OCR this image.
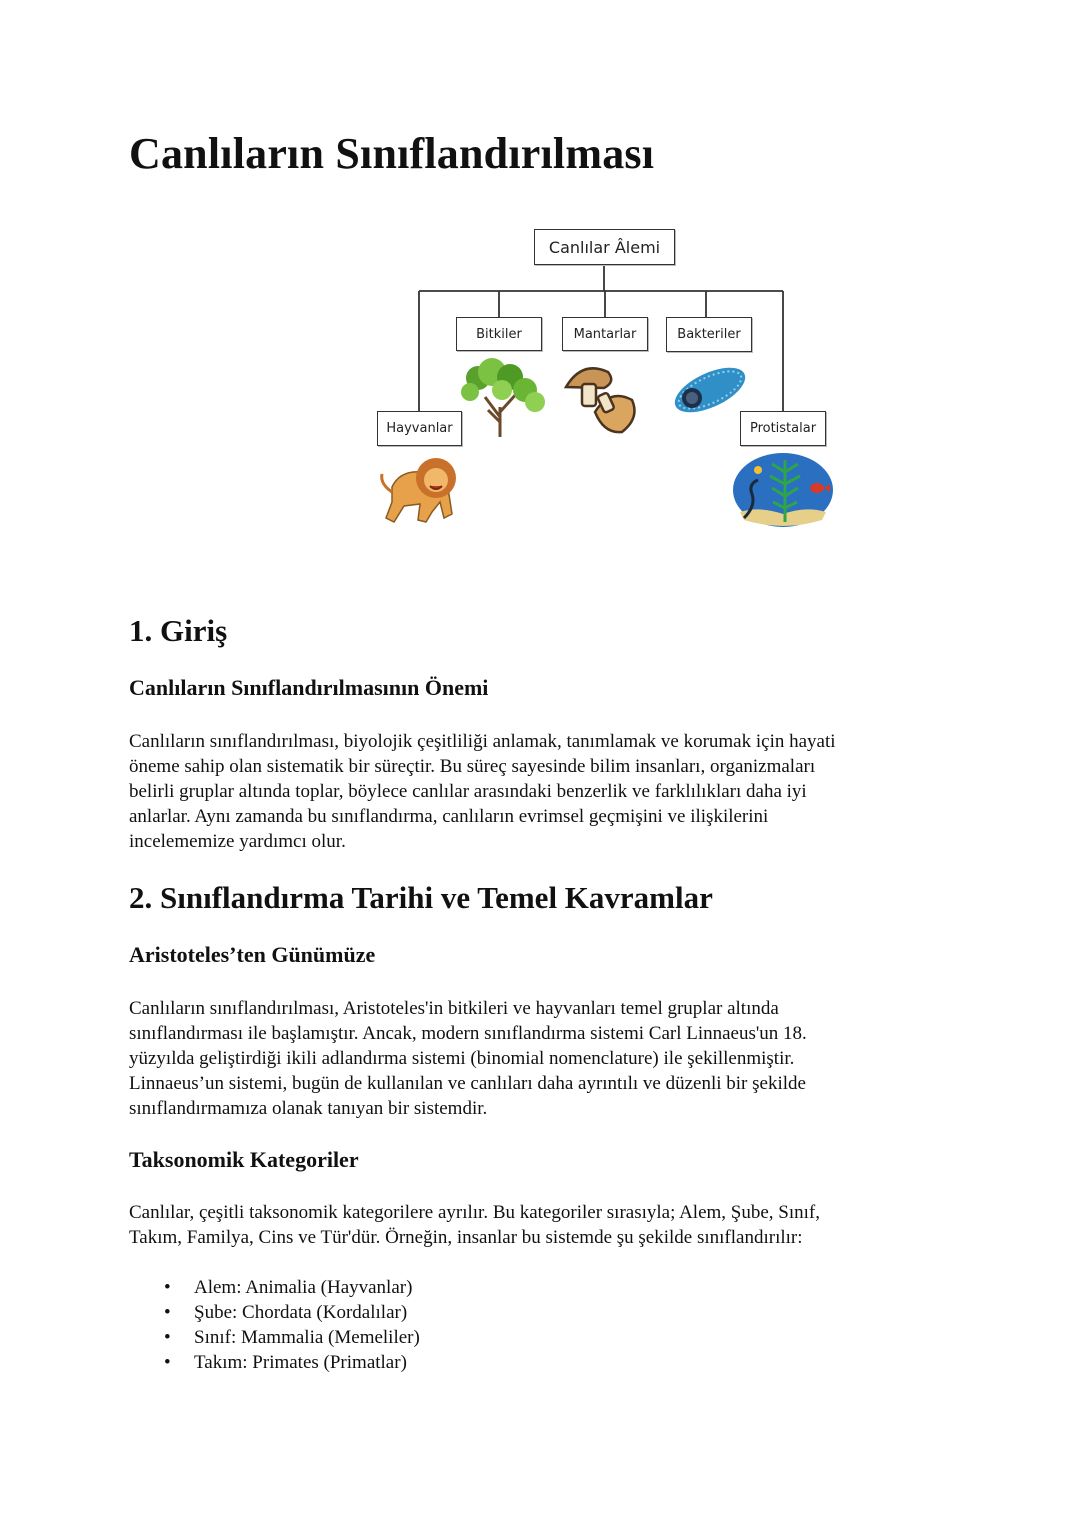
Canlıların Sınıflandırılması
Canlılar Âlemi
Bitkiler	Mantarlar	Bakteriler
Hayvanlar	Protistalar
1. Giriş
Canlıların Sınıflandırılmasının Önemi

Canlıların sınıflandırılması, biyolojik çeşitliliği anlamak, tanımlamak ve korumak için hayati
öneme sahip olan sistematik bir süreçtir. Bu süreç sayesinde bilim insanları, organizmaları
belirli gruplar altında toplar, böylece canlılar arasındaki benzerlik ve farklılıkları daha iyi
anlarlar. Aynı zamanda bu sınıflandırma, canlıların evrimsel geçmişini ve ilişkilerini
incelememize yardımcı olur.

2. Sınıflandırma Tarihi ve Temel Kavramlar
Aristoteles’ten Günümüze

Canlıların sınıflandırılması, Aristoteles'in bitkileri ve hayvanları temel gruplar altında
sınıflandırması ile başlamıştır. Ancak, modern sınıflandırma sistemi Carl Linnaeus'un 18.
yüzyılda geliştirdiği ikili adlandırma sistemi (binomial nomenclature) ile şekillenmiştir.
Linnaeus’un sistemi, bugün de kullanılan ve canlıları daha ayrıntılı ve düzenli bir şekilde
sınıflandırmamıza olanak tanıyan bir sistemdir.

Taksonomik Kategoriler

Canlılar, çeşitli taksonomik kategorilere ayrılır. Bu kategoriler sırasıyla; Alem, Şube, Sınıf,
Takım, Familya, Cins ve Tür'dür. Örneğin, insanlar bu sistemde şu şekilde sınıflandırılır:

• Alem: Animalia (Hayvanlar)
• Şube: Chordata (Kordalılar)
• Sınıf: Mammalia (Memeliler)
• Takım: Primates (Primatlar)
